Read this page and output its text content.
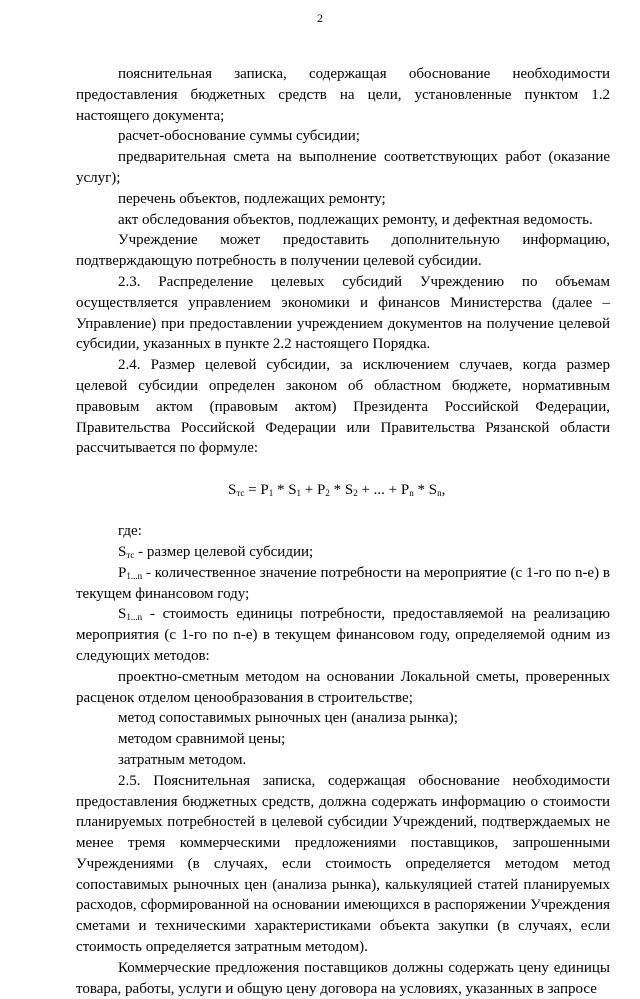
2

пояснительная записка, содержащая обоснование необходимости предоставления бюджетных средств на цели, установленные пунктом 1.2 настоящего документа;

расчет-обоснование суммы субсидии;

предварительная смета на выполнение соответствующих работ (оказание услуг);

перечень объектов, подлежащих ремонту;

акт обследования объектов, подлежащих ремонту, и дефектная ведомость.

Учреждение может предоставить дополнительную информацию, подтверждающую потребность в получении целевой субсидии.

2.3. Распределение целевых субсидий Учреждению по объемам осуществляется управлением экономики и финансов Министерства (далее – Управление) при предоставлении учреждением документов на получение целевой субсидии, указанных в пункте 2.2 настоящего Порядка.

2.4. Размер целевой субсидии, за исключением случаев, когда размер целевой субсидии определен законом об областном бюджете, нормативным правовым актом (правовым актом) Президента Российской Федерации, Правительства Российской Федерации или Правительства Рязанской области рассчитывается по формуле:

$S_{тс} = P_1 * S_1 + P_2 * S_2$ + ... + $P_n * S_n$,

где:

$S_{тс}$ - размер целевой субсидии;

$P_{1...n}$ - количественное значение потребности на мероприятие (с 1-го по n-е) в текущем финансовом году;

$S_{1...n}$ - стоимость единицы потребности, предоставляемой на реализацию мероприятия (с 1-го по n-е) в текущем финансовом году, определяемой одним из следующих методов:

проектно-сметным методом на основании Локальной сметы, проверенных расценок отделом ценообразования в строительстве;

метод сопоставимых рыночных цен (анализа рынка);

методом сравнимой цены;

затратным методом.

2.5. Пояснительная записка, содержащая обоснование необходимости предоставления бюджетных средств, должна содержать информацию о стоимости планируемых потребностей в целевой субсидии Учреждений, подтверждаемых не менее тремя коммерческими предложениями поставщиков, запрошенными Учреждениями (в случаях, если стоимость определяется методом метод сопоставимых рыночных цен (анализа рынка), калькуляцией статей планируемых расходов, сформированной на основании имеющихся в распоряжении Учреждения сметами и техническими характеристиками объекта закупки (в случаях, если стоимость определяется затратным методом).

Коммерческие предложения поставщиков должны содержать цену единицы товара, работы, услуги и общую цену договора на условиях, указанных в запросе
